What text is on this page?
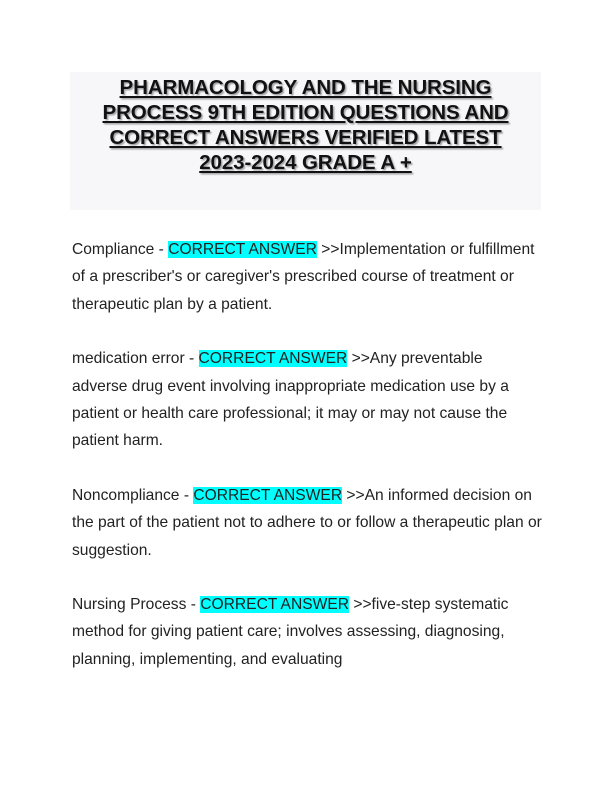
PHARMACOLOGY AND THE NURSING
PROCESS 9TH EDITION QUESTIONS AND
CORRECT ANSWERS VERIFIED LATEST
2023-2024 GRADE A +

Compliance - CORRECT ANSWER >>Implementation or fulfillment of a prescriber's or caregiver's prescribed course of treatment or therapeutic plan by a patient.

medication error - CORRECT ANSWER >>Any preventable adverse drug event involving inappropriate medication use by a patient or health care professional; it may or may not cause the patient harm.

Noncompliance - CORRECT ANSWER >>An informed decision on the part of the patient not to adhere to or follow a therapeutic plan or suggestion.

Nursing Process - CORRECT ANSWER >>five-step systematic method for giving patient care; involves assessing, diagnosing, planning, implementing, and evaluating
